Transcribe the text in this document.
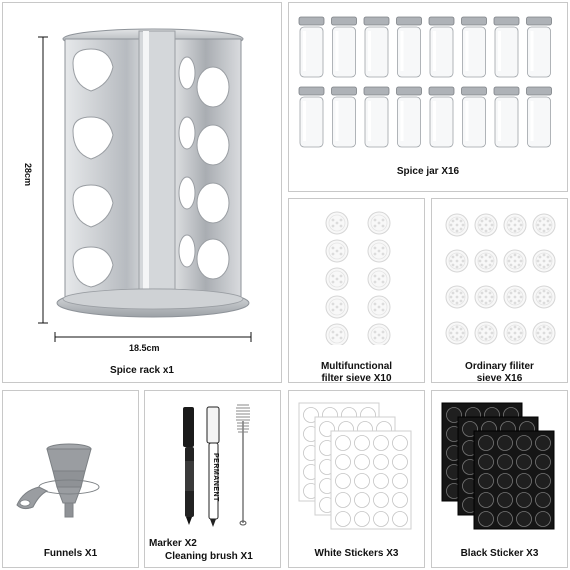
28cm
18.5cm
Spice rack x1
Spice jar X16
Multifunctional
filter sieve X10
Ordinary filiter
sieve X16
Funnels X1
PERMANENT
Marker X2
Cleaning brush X1	White Stickers X3	Black Sticker X3
